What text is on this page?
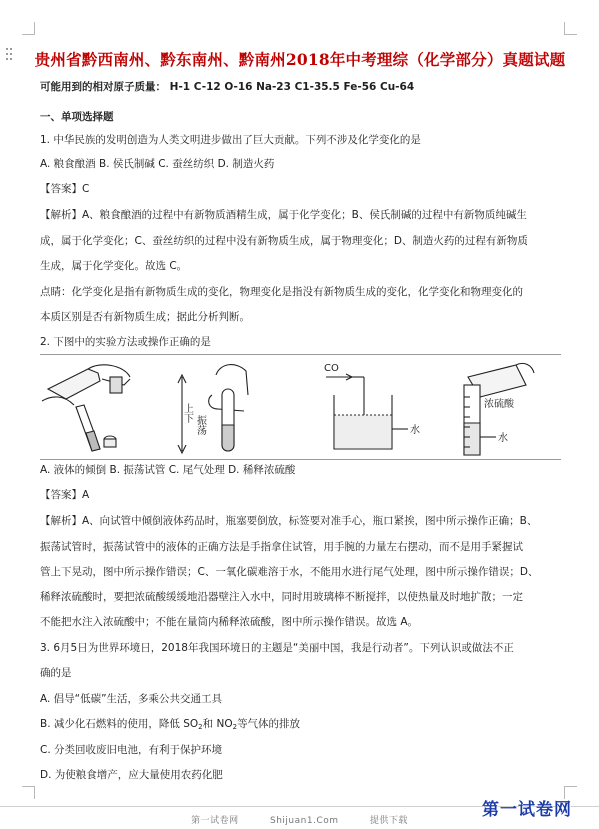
贵州省黔西南州、黔东南州、黔南州2018年中考理综（化学部分）真题试题
可能用到的相对原子质量： H-1 C-12 O-16 Na-23 C1-35.5 Fe-56 Cu-64
一、单项选择题
1. 中华民族的发明创造为人类文明进步做出了巨大贡献。下列不涉及化学变化的是
A. 粮食酿酒 B. 侯氏制碱 C. 蚕丝纺织 D. 制造火药
【答案】C
【解析】A、粮食酿酒的过程中有新物质酒精生成，属于化学变化；B、侯氏制碱的过程中有新物质纯碱生
成，属于化学变化；C、蚕丝纺织的过程中没有新物质生成，属于物理变化；D、制造火药的过程有新物质
生成，属于化学变化。故选 C。
点睛：化学变化是指有新物质生成的变化，物理变化是指没有新物质生成的变化，化学变化和物理变化的
本质区别是否有新物质生成；据此分析判断。
2. 下图中的实验方法或操作正确的是
上下
振荡
CO
水
浓硫酸
水
A. 液体的倾倒 B. 振荡试管 C. 尾气处理 D. 稀释浓硫酸
【答案】A
【解析】A、向试管中倾倒液体药品时，瓶塞要倒放，标签要对准手心，瓶口紧挨，图中所示操作正确；B、
振荡试管时，振荡试管中的液体的正确方法是手指拿住试管，用手腕的力量左右摆动，而不是用手紧握试
管上下晃动，图中所示操作错误；C、一氧化碳难溶于水，不能用水进行尾气处理，图中所示操作错误；D、
稀释浓硫酸时，要把浓硫酸缓缓地沿器壁注入水中，同时用玻璃棒不断搅拌，以使热量及时地扩散；一定
不能把水注入浓硫酸中；不能在量筒内稀释浓硫酸，图中所示操作错误。故选 A。
3. 6月5日为世界环境日，2018年我国环境日的主题是“美丽中国，我是行动者”。下列认识或做法不正
确的是
A. 倡导“低碳”生活，多乘公共交通工具
B. 减少化石燃料的使用，降低 $SO_2$和 $NO_2$等气体的排放
C. 分类回收废旧电池，有利于保护环境
D. 为使粮食增产，应大量使用农药化肥
第一试卷网	Shijuan1.Com	提供下载
第一试卷网
